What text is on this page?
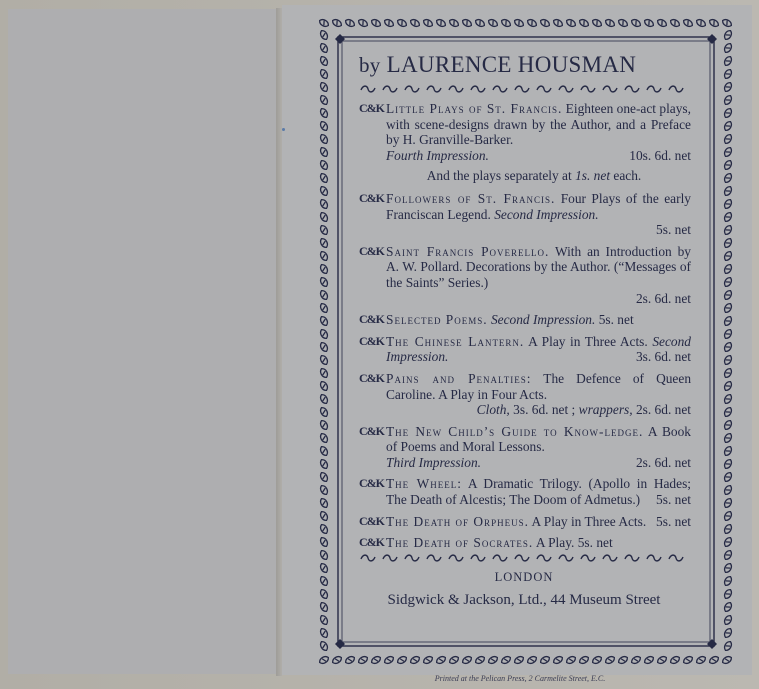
by LAURENCE HOUSMAN
C&K Little Plays of St. Francis. Eighteen one-act plays, with scene-designs drawn by the Author, and a Preface by H. Granville-Barker.
Fourth Impression.	10s. 6d. net
And the plays separately at 1s. net each.
C&K Followers of St. Francis. Four Plays of the early Franciscan Legend. Second Impression.
5s. net
C&K Saint Francis Poverello. With an Introduction by A. W. Pollard. Decorations by the Author. (“Messages of the Saints” Series.)
2s. 6d. net
C&K Selected Poems. Second Impression. 5s. net
C&K The Chinese Lantern. A Play in Three Acts. Second Impression.	3s. 6d. net
C&K Pains and Penalties: The Defence of Queen Caroline. A Play in Four Acts.
Cloth, 3s. 6d. net ; wrappers, 2s. 6d. net
C&K The New Child’s Guide to Know-ledge. A Book of Poems and Moral Lessons.
Third Impression.	2s. 6d. net
C&K The Wheel: A Dramatic Trilogy. (Apollo in Hades; The Death of Alcestis; The Doom of Admetus.) 5s. net
C&K The Death of Orpheus. A Play in Three Acts. 5s. net
C&K The Death of Socrates. A Play. 5s. net
LONDON
Sidgwick & Jackson, Ltd., 44 Museum Street
Printed at the Pelican Press, 2 Carmelite Street, E.C.
